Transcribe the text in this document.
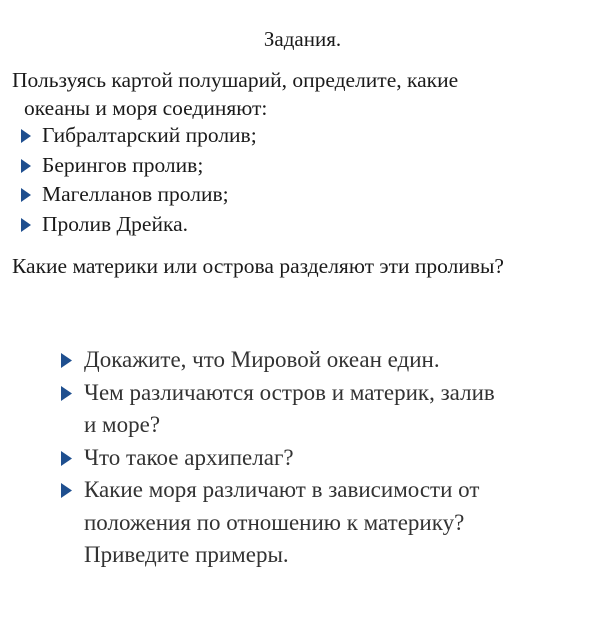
Задания.
Пользуясь картой полушарий, определите, какие
океаны и моря соединяют:
Гибралтарский пролив;
Берингов пролив;
Магелланов пролив;
Пролив Дрейка.
Какие материки или острова разделяют эти проливы?
Докажите, что Мировой океан един.
Чем различаются остров и материк, залив
и море?
Что такое архипелаг?
Какие моря различают в зависимости от
положения по отношению к материку?
Приведите примеры.
